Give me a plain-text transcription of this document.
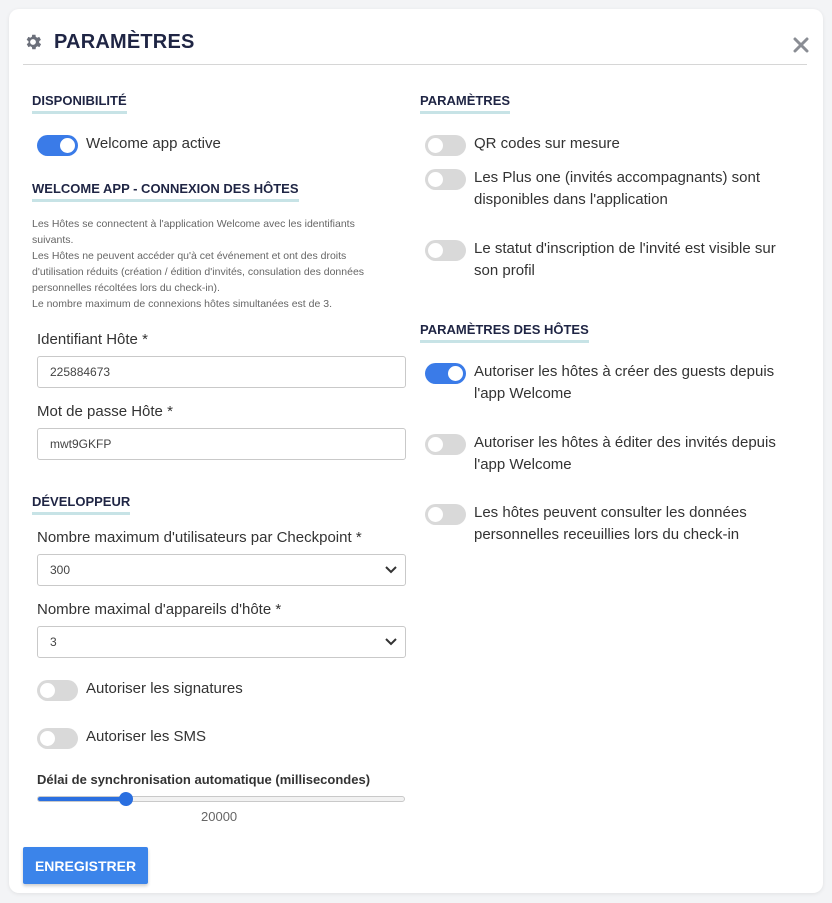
PARAMÈTRES
DISPONIBILITÉ
Welcome app active
WELCOME APP - CONNEXION DES HÔTES
Les Hôtes se connectent à l'application Welcome avec les identifiants
suivants.
Les Hôtes ne peuvent accéder qu'à cet événement et ont des droits
d'utilisation réduits (création / édition d'invités, consulation des données
personnelles récoltées lors du check-in).
Le nombre maximum de connexions hôtes simultanées est de 3.
Identifiant Hôte *
225884673
Mot de passe Hôte *
mwt9GKFP
DÉVELOPPEUR
Nombre maximum d'utilisateurs par Checkpoint *
300
Nombre maximal d'appareils d'hôte *
3
Autoriser les signatures
Autoriser les SMS
Délai de synchronisation automatique (millisecondes)
20000
PARAMÈTRES
QR codes sur mesure
Les Plus one (invités accompagnants) sont disponibles dans l'application
Le statut d'inscription de l'invité est visible sur son profil
PARAMÈTRES DES HÔTES
Autoriser les hôtes à créer des guests depuis l'app Welcome
Autoriser les hôtes à éditer des invités depuis l'app Welcome
Les hôtes peuvent consulter les données personnelles receuillies lors du check-in
ENREGISTRER
